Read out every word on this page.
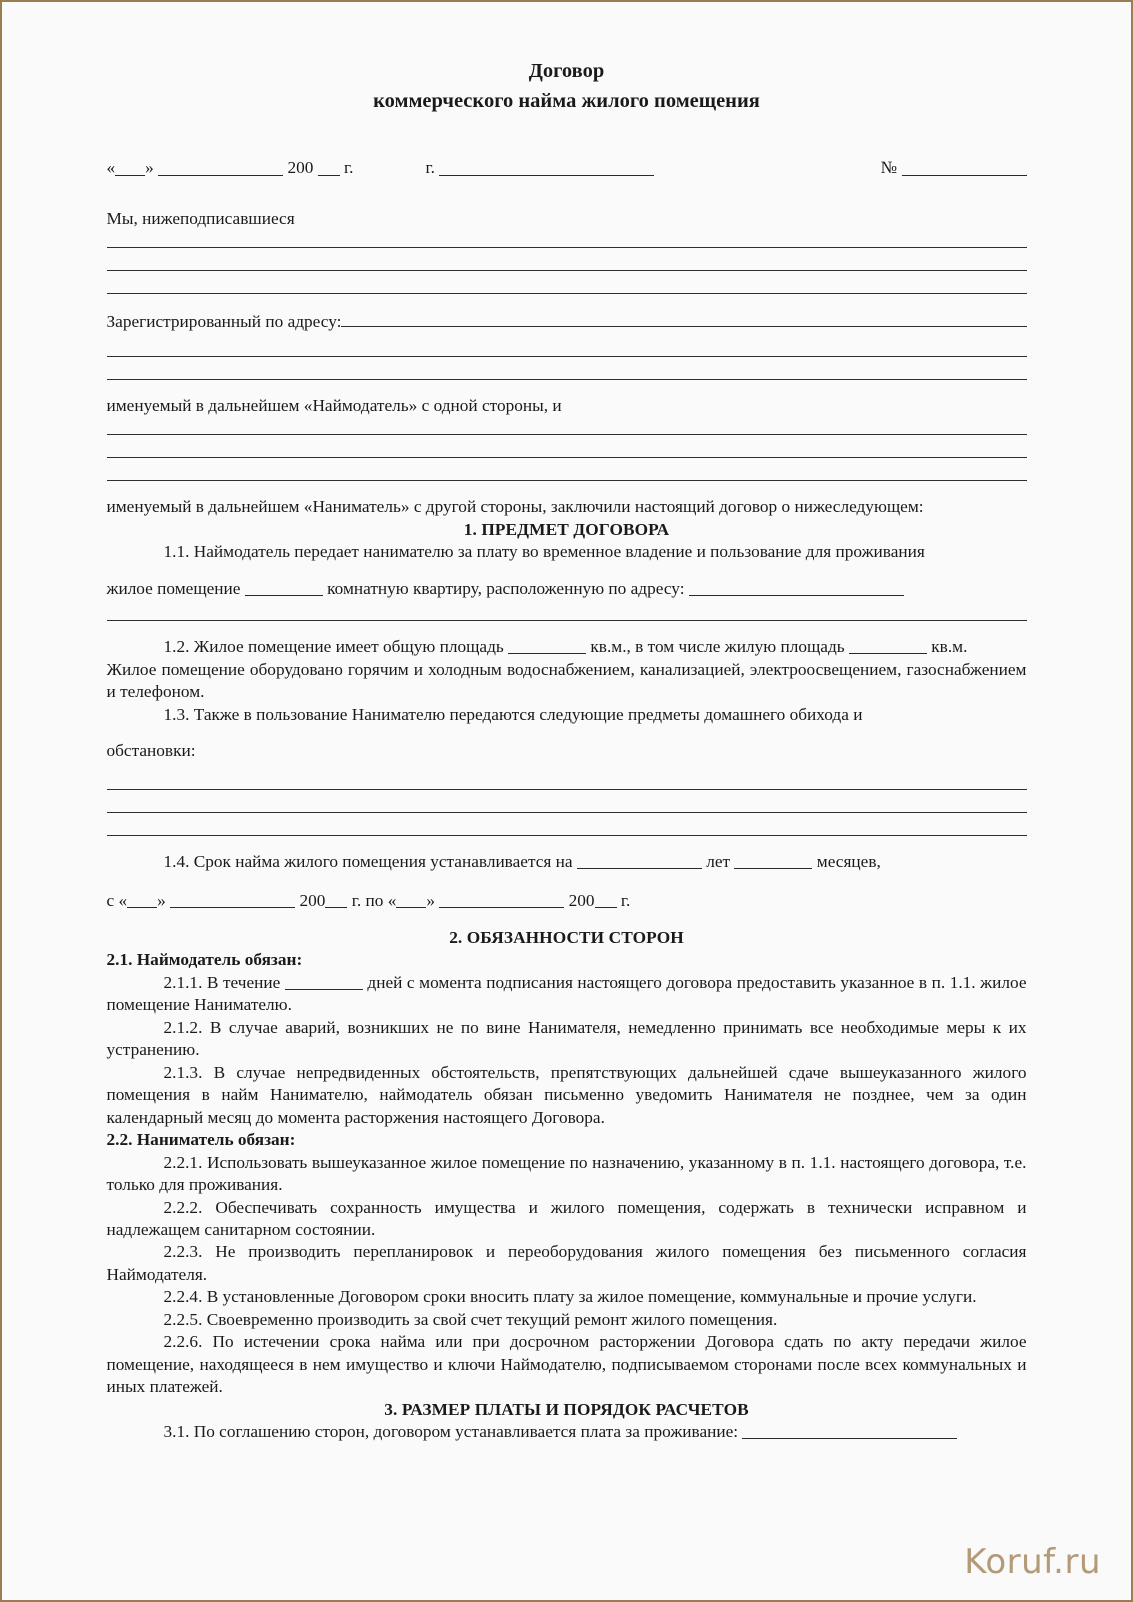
Договор
коммерческого найма жилого помещения
« »	200 г.	г.	№

Мы, нижеподписавшиеся

Зарегистрированный по адресу:

именуемый в дальнейшем «Наймодатель» с одной стороны, и

именуемый в дальнейшем «Наниматель» с другой стороны, заключили настоящий договор о нижеследующем:

1. ПРЕДМЕТ ДОГОВОРА

1.1. Наймодатель передает нанимателю за плату во временное владение и пользование для проживания

жилое помещение	комнатную квартиру, расположенную по адресу:

1.2. Жилое помещение имеет общую площадь	кв.м., в том числе жилую площадь	кв.м.

Жилое помещение оборудовано горячим и холодным водоснабжением, канализацией, электроосвещением, газоснабжением и телефоном.

1.3. Также в пользование Нанимателю передаются следующие предметы домашнего обихода и

обстановки:

1.4. Срок найма жилого помещения устанавливается на	лет	месяцев,

с « »	200 г. по « »	200 г.

2. ОБЯЗАННОСТИ СТОРОН

2.1. Наймодатель обязан:

2.1.1. В течение	дней с момента подписания настоящего договора предоставить указанное в п. 1.1. жилое помещение Нанимателю.

2.1.2. В случае аварий, возникших не по вине Нанимателя, немедленно принимать все необходимые меры к их устранению.

2.1.3. В случае непредвиденных обстоятельств, препятствующих дальнейшей сдаче вышеуказанного жилого помещения в найм Нанимателю, наймодатель обязан письменно уведомить Нанимателя не позднее, чем за один календарный месяц до момента расторжения настоящего Договора.

2.2. Наниматель обязан:

2.2.1. Использовать вышеуказанное жилое помещение по назначению, указанному в п. 1.1. настоящего договора, т.е. только для проживания.

2.2.2. Обеспечивать сохранность имущества и жилого помещения, содержать в технически исправном и надлежащем санитарном состоянии.

2.2.3. Не производить перепланировок и переоборудования жилого помещения без письменного согласия Наймодателя.

2.2.4. В установленные Договором сроки вносить плату за жилое помещение, коммунальные и прочие услуги.

2.2.5. Своевременно производить за свой счет текущий ремонт жилого помещения.

2.2.6. По истечении срока найма или при досрочном расторжении Договора сдать по акту передачи жилое помещение, находящееся в нем имущество и ключи Наймодателю, подписываемом сторонами после всех коммунальных и иных платежей.

3. РАЗМЕР ПЛАТЫ И ПОРЯДОК РАСЧЕТОВ

3.1. По соглашению сторон, договором устанавливается плата за проживание:

Koruf.ru
